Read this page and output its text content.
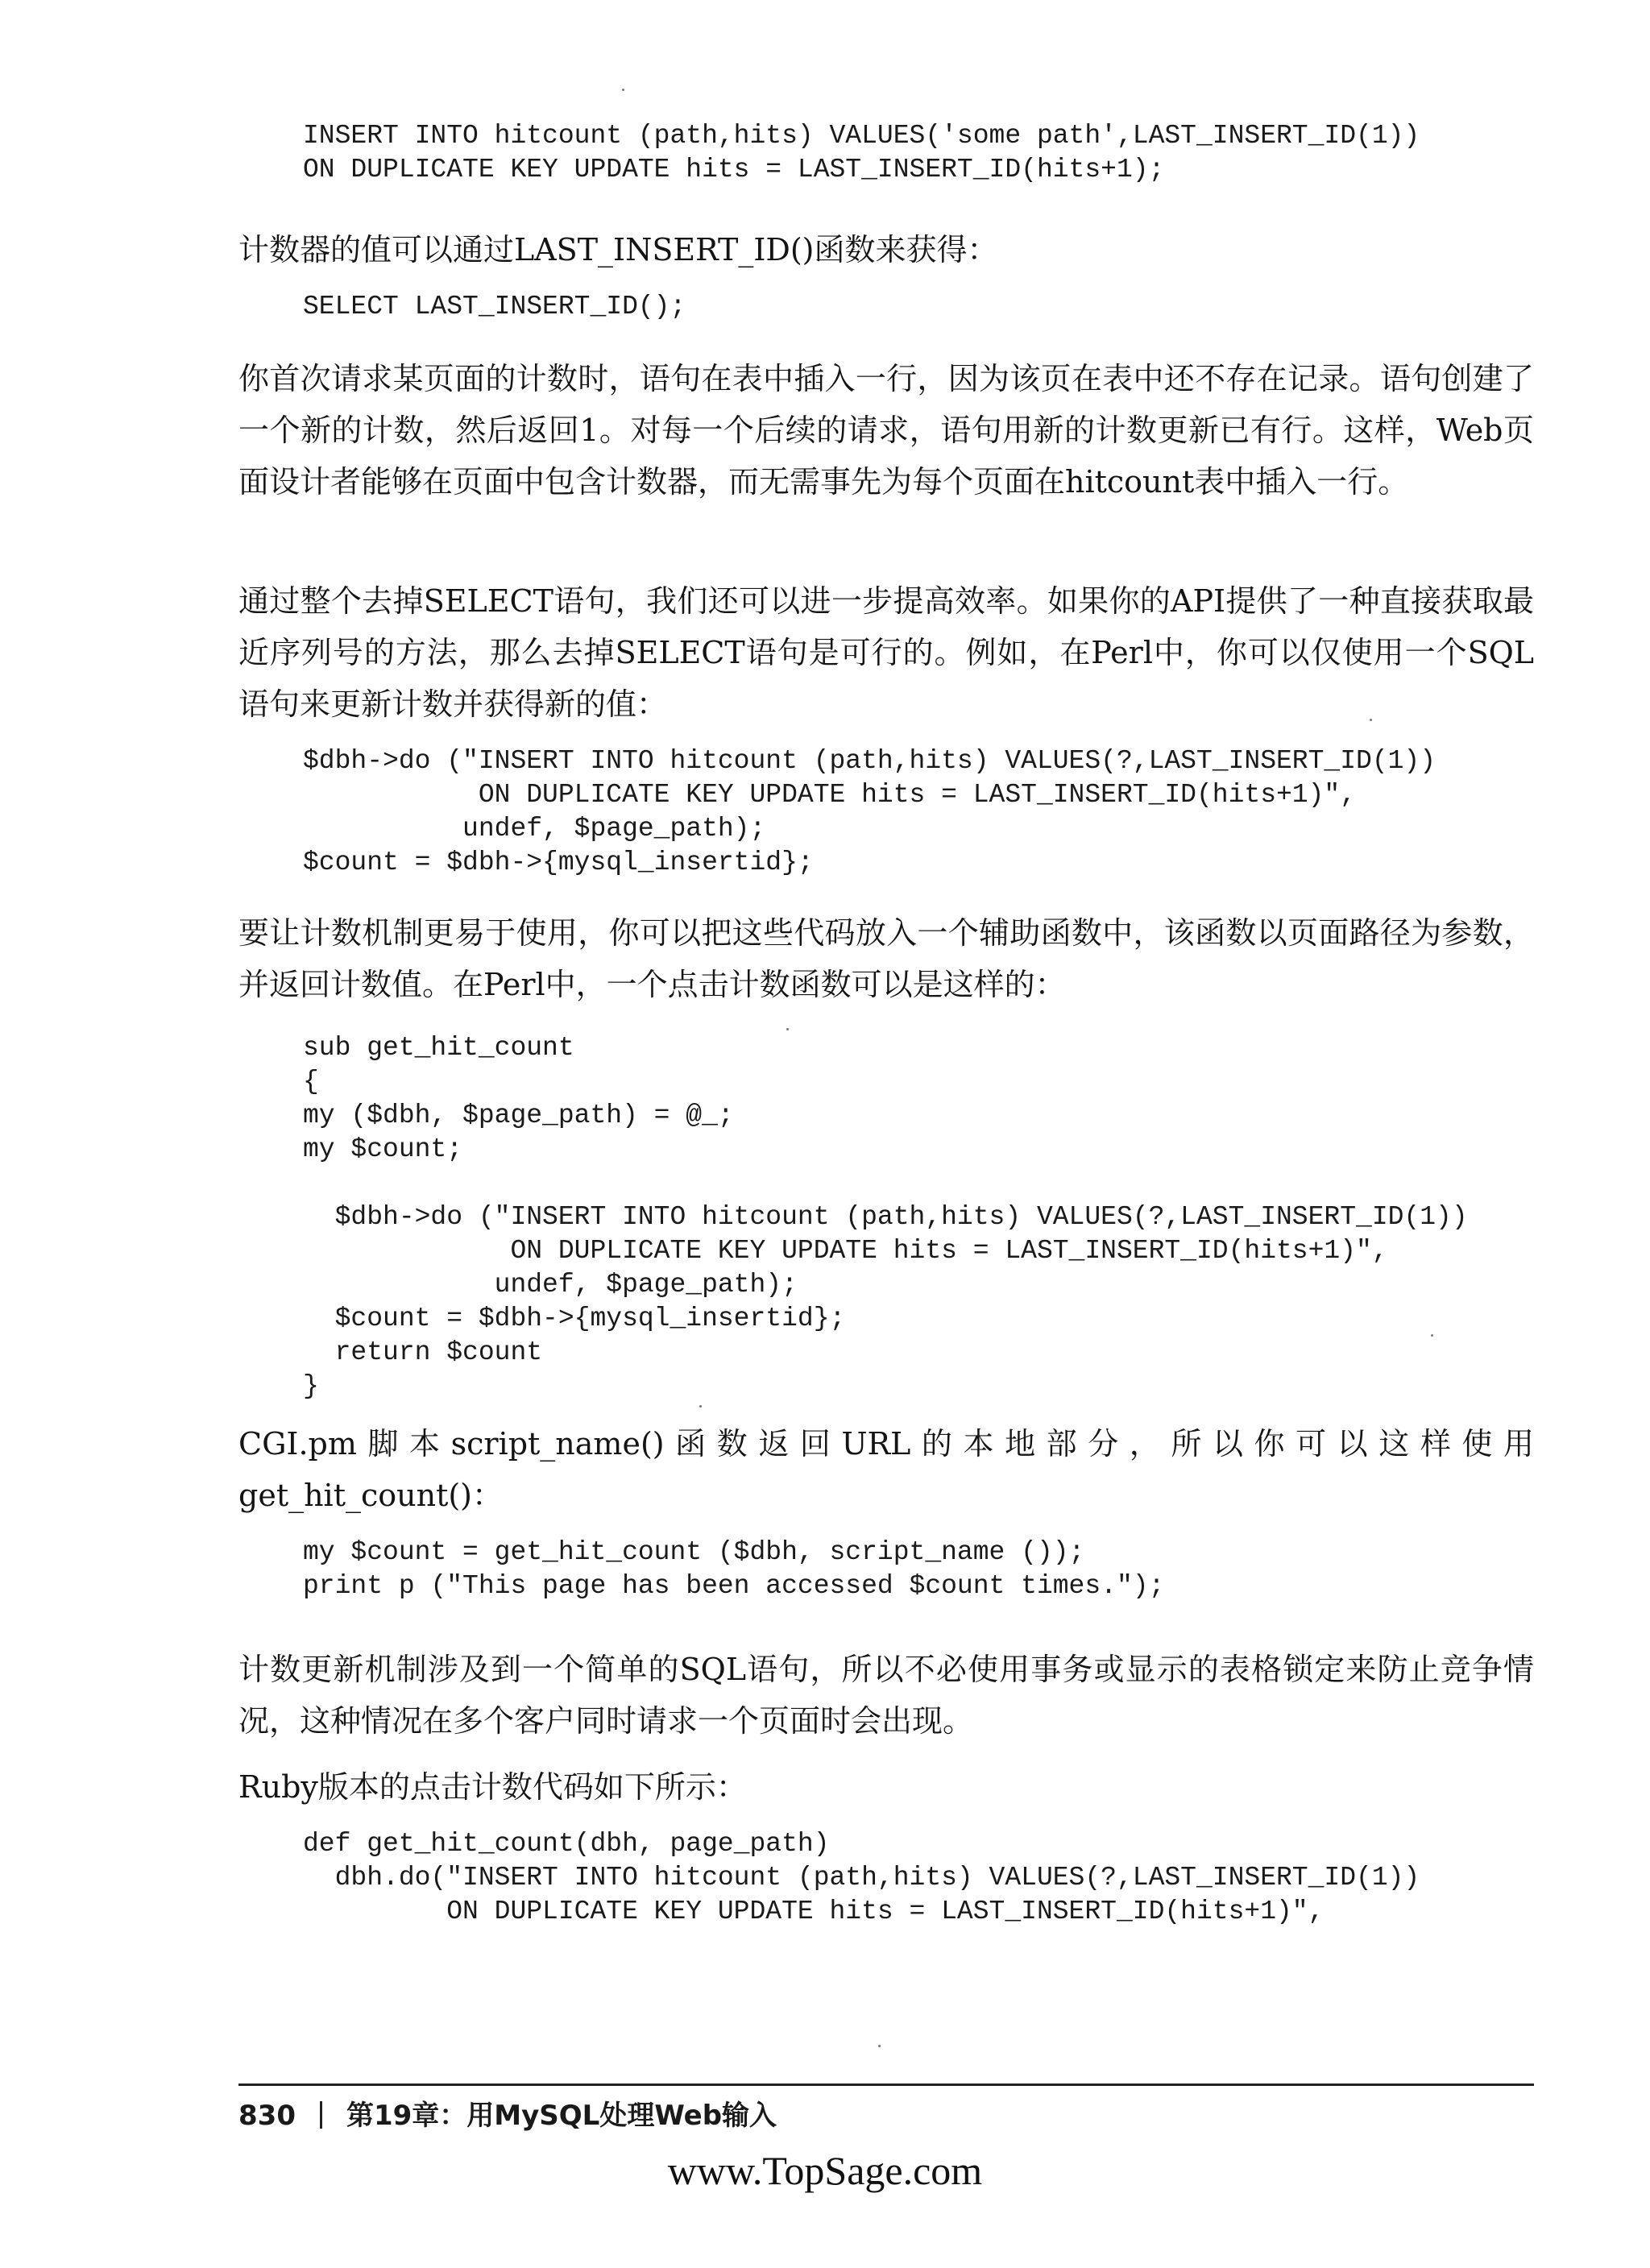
INSERT INTO hitcount (path,hits) VALUES('some path',LAST_INSERT_ID(1))
ON DUPLICATE KEY UPDATE hits = LAST_INSERT_ID(hits+1);

计数器的值可以通过LAST_INSERT_ID()函数来获得：

SELECT LAST_INSERT_ID();

你首次请求某页面的计数时，语句在表中插入一行，因为该页在表中还不存在记录。语句创建了一个新的计数，然后返回1。对每一个后续的请求，语句用新的计数更新已有行。这样，Web页面设计者能够在页面中包含计数器，而无需事先为每个页面在hitcount表中插入一行。

通过整个去掉SELECT语句，我们还可以进一步提高效率。如果你的API提供了一种直接获取最近序列号的方法，那么去掉SELECT语句是可行的。例如，在Perl中，你可以仅使用一个SQL语句来更新计数并获得新的值：

$dbh->do ("INSERT INTO hitcount (path,hits) VALUES(?,LAST_INSERT_ID(1))
ON DUPLICATE KEY UPDATE hits = LAST_INSERT_ID(hits+1)",
undef, $page_path);
$count = $dbh->{mysql_insertid};

要让计数机制更易于使用，你可以把这些代码放入一个辅助函数中，该函数以页面路径为参数，并返回计数值。在Perl中，一个点击计数函数可以是这样的：

sub get_hit_count
{
my ($dbh, $page_path) = @_;
my $count;

$dbh->do ("INSERT INTO hitcount (path,hits) VALUES(?,LAST_INSERT_ID(1))
ON DUPLICATE KEY UPDATE hits = LAST_INSERT_ID(hits+1)",
undef, $page_path);
$count = $dbh->{mysql_insertid};
return $count
}

CGI.pm脚本script_name()函数返回URL的本地部分，所以你可以这样使用get_hit_count()：

my $count = get_hit_count ($dbh, script_name ());
print p ("This page has been accessed $count times.");

计数更新机制涉及到一个简单的SQL语句，所以不必使用事务或显示的表格锁定来防止竞争情况，这种情况在多个客户同时请求一个页面时会出现。

Ruby版本的点击计数代码如下所示：

def get_hit_count(dbh, page_path)
dbh.do("INSERT INTO hitcount (path,hits) VALUES(?,LAST_INSERT_ID(1))
ON DUPLICATE KEY UPDATE hits = LAST_INSERT_ID(hits+1)",
830 第19章：用MySQL处理Web输入
www.TopSage.com
